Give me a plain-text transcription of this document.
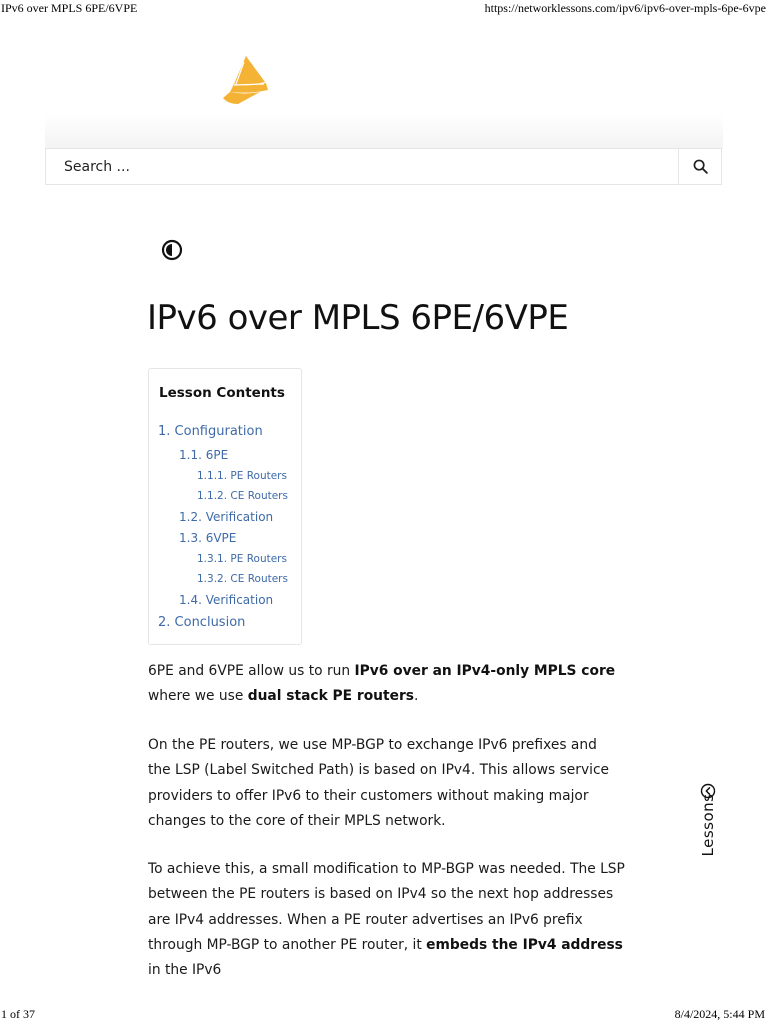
IPv6 over MPLS 6PE/6VPE	https://networklessons.com/ipv6/ipv6-over-mpls-6pe-6vpe
Search ...
IPv6 over MPLS 6PE/6VPE
Lesson Contents
1. Configuration
1.1. 6PE
1.1.1. PE Routers
1.1.2. CE Routers
1.2. Verification
1.3. 6VPE
1.3.1. PE Routers
1.3.2. CE Routers
1.4. Verification
2. Conclusion

6PE and 6VPE allow us to run IPv6 over an IPv4-only MPLS core where we use dual stack PE routers.

On the PE routers, we use MP-BGP to exchange IPv6 prefixes and the LSP (Label Switched Path) is based on IPv4. This allows service providers to offer IPv6 to their customers without making major changes to the core of their MPLS network.

To achieve this, a small modification to MP-BGP was needed. The LSP between the PE routers is based on IPv4 so the next hop addresses are IPv4 addresses. When a PE router advertises an IPv6 prefix through MP-BGP to another PE router, it embeds the IPv4 address in the IPv6

Lessons
1 of 37	8/4/2024, 5:44 PM
